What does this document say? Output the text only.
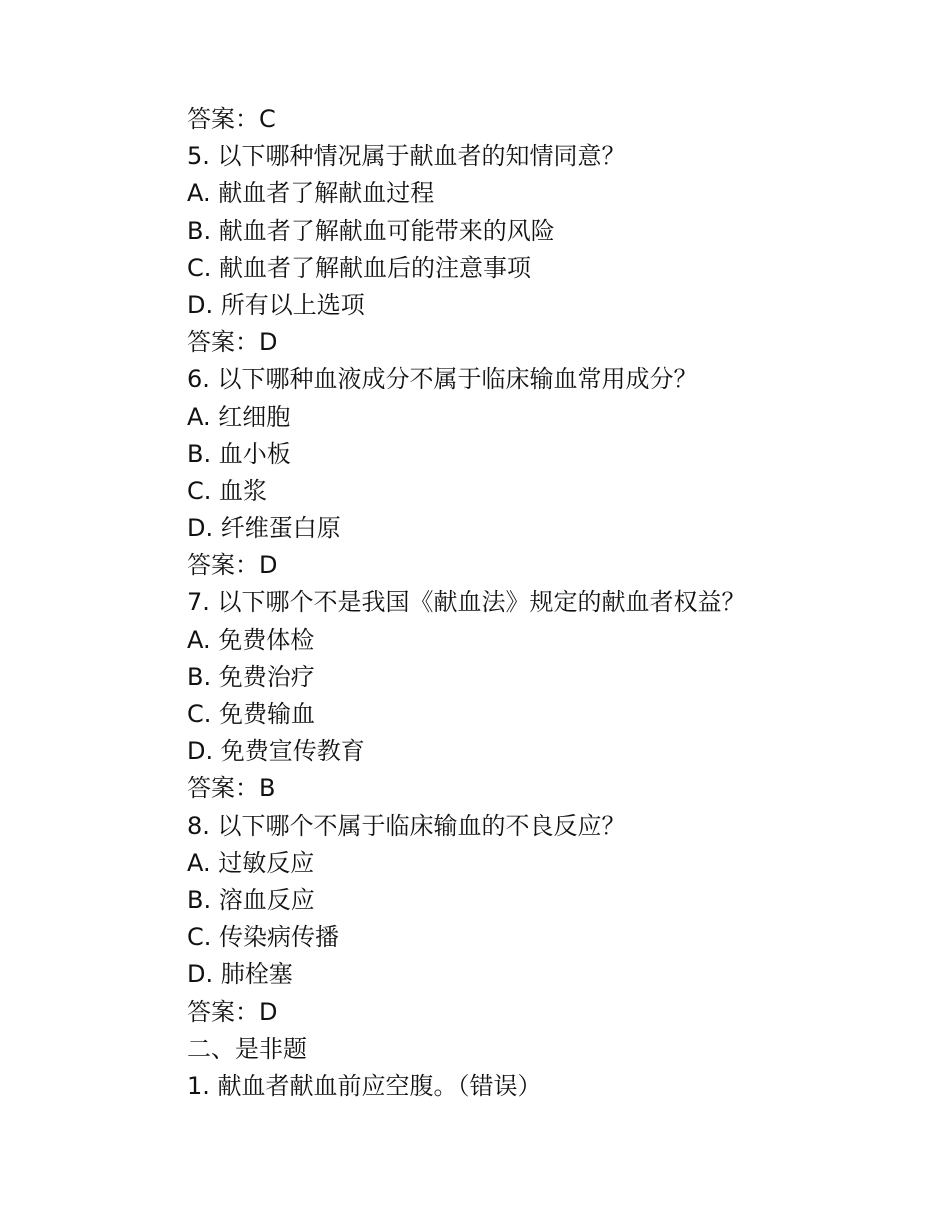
答案：C
5. 以下哪种情况属于献血者的知情同意？
A. 献血者了解献血过程
B. 献血者了解献血可能带来的风险
C. 献血者了解献血后的注意事项
D. 所有以上选项
答案：D
6. 以下哪种血液成分不属于临床输血常用成分？
A. 红细胞
B. 血小板
C. 血浆
D. 纤维蛋白原
答案：D
7. 以下哪个不是我国《献血法》规定的献血者权益？
A. 免费体检
B. 免费治疗
C. 免费输血
D. 免费宣传教育
答案：B
8. 以下哪个不属于临床输血的不良反应？
A. 过敏反应
B. 溶血反应
C. 传染病传播
D. 肺栓塞
答案：D
二、是非题
1. 献血者献血前应空腹。（错误）
